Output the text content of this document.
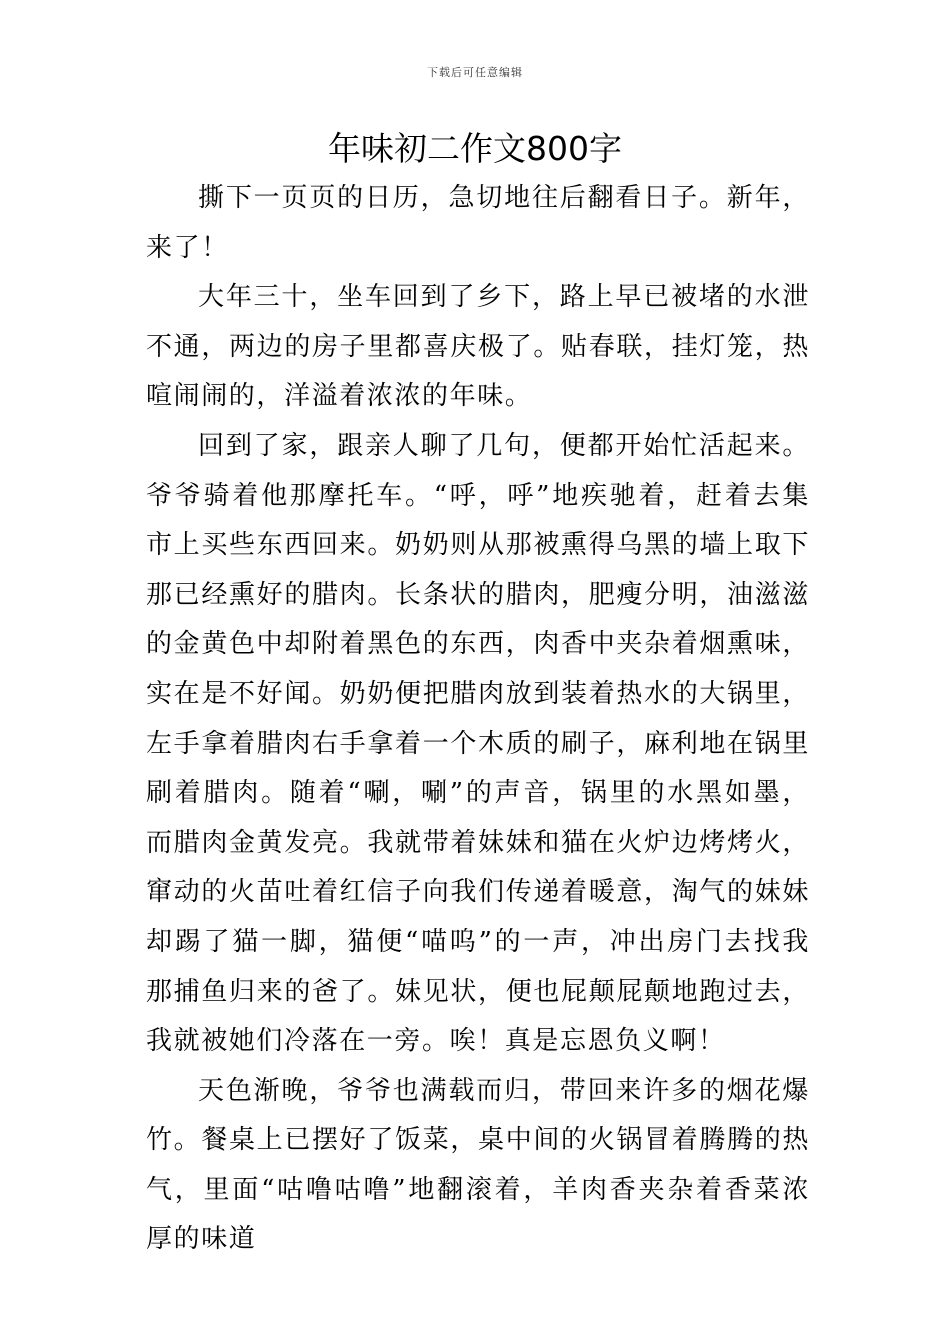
下载后可任意编辑
年味初二作文800字

撕下一页页的日历，急切地往后翻看日子。新年，来了！

大年三十，坐车回到了乡下，路上早已被堵的水泄不通，两边的房子里都喜庆极了。贴春联，挂灯笼，热喧闹闹的，洋溢着浓浓的年味。

回到了家，跟亲人聊了几句，便都开始忙活起来。爷爷骑着他那摩托车。“呼，呼”地疾驰着，赶着去集市上买些东西回来。奶奶则从那被熏得乌黑的墙上取下那已经熏好的腊肉。长条状的腊肉，肥瘦分明，油滋滋的金黄色中却附着黑色的东西，肉香中夹杂着烟熏味，实在是不好闻。奶奶便把腊肉放到装着热水的大锅里，左手拿着腊肉右手拿着一个木质的刷子，麻利地在锅里刷着腊肉。随着“唰，唰”的声音，锅里的水黑如墨，而腊肉金黄发亮。我就带着妹妹和猫在火炉边烤烤火，窜动的火苗吐着红信子向我们传递着暖意，淘气的妹妹却踢了猫一脚，猫便“喵呜”的一声，冲出房门去找我那捕鱼归来的爸了。妹见状，便也屁颠屁颠地跑过去，我就被她们冷落在一旁。唉！真是忘恩负义啊！

天色渐晚，爷爷也满载而归，带回来许多的烟花爆竹。餐桌上已摆好了饭菜，桌中间的火锅冒着腾腾的热气，里面“咕噜咕噜”地翻滚着，羊肉香夹杂着香菜浓厚的味道
